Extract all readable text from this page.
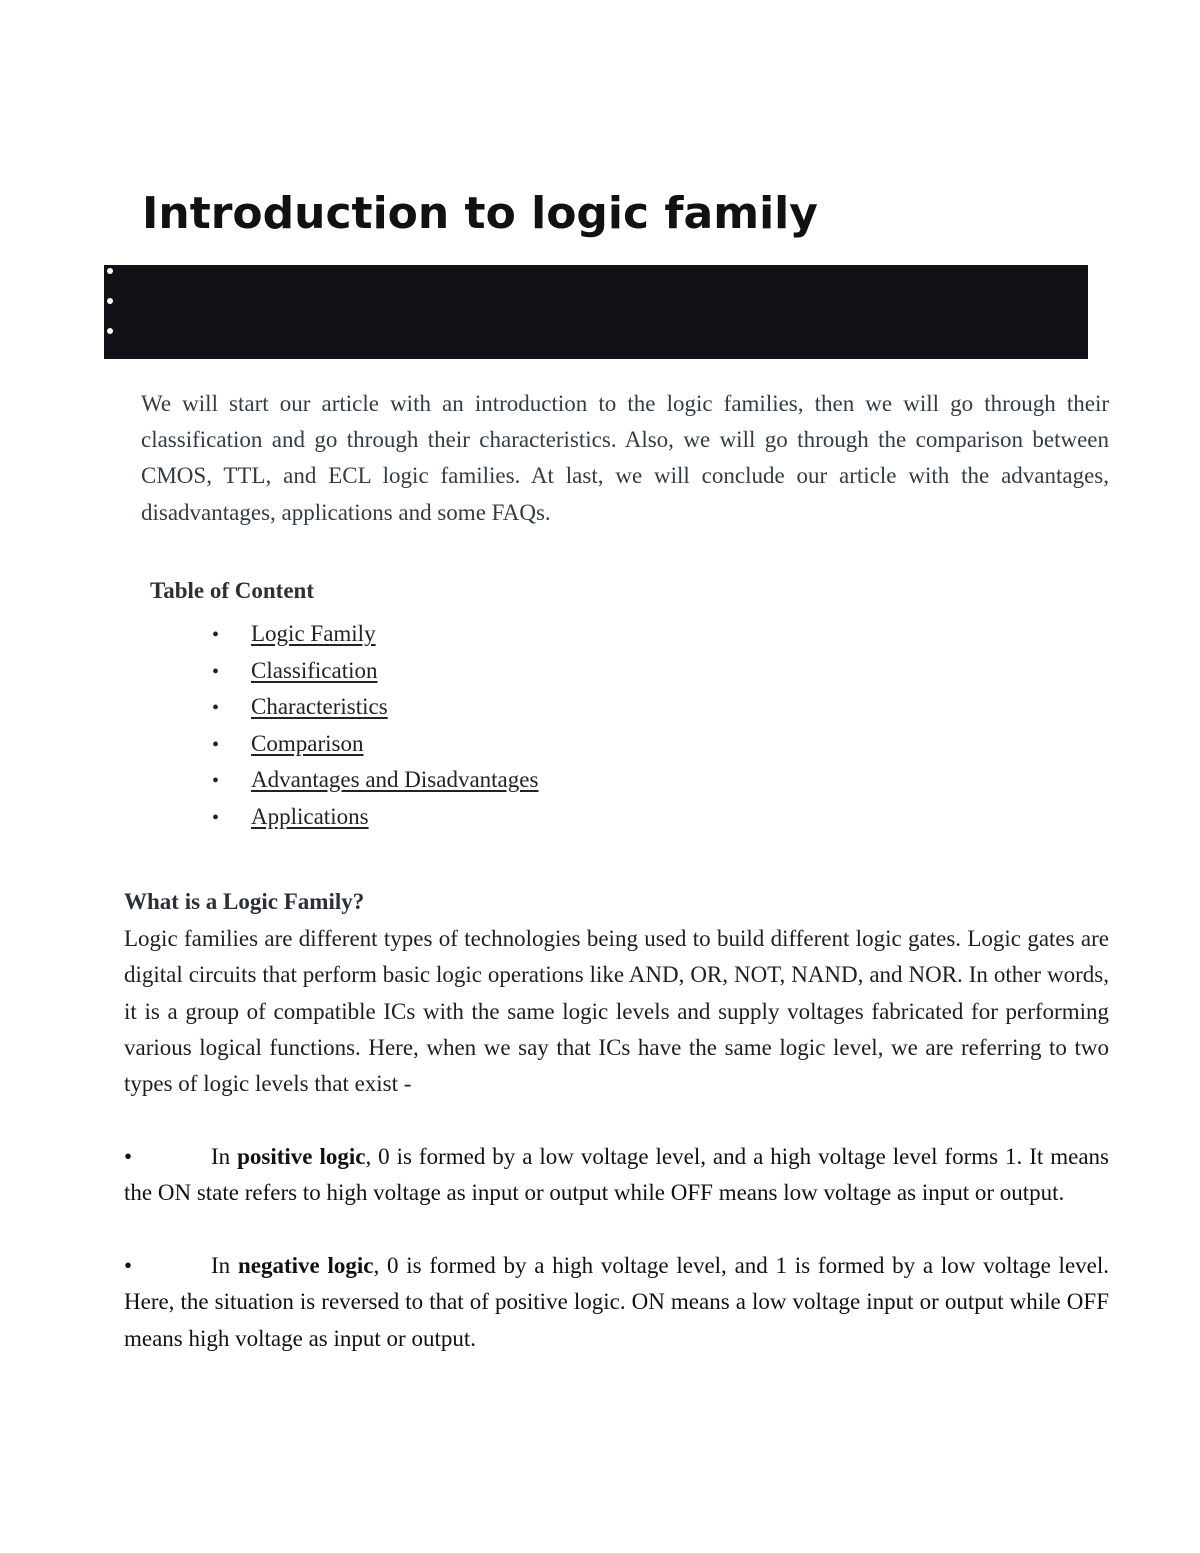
Introduction to logic family

We will start our article with an introduction to the logic families, then we will go through their classification and go through their characteristics. Also, we will go through the comparison between CMOS, TTL, and ECL logic families. At last, we will conclude our article with the advantages, disadvantages, applications and some FAQs.

Table of Content
• Logic Family
• Classification
• Characteristics
• Comparison
• Advantages and Disadvantages
• Applications
What is a Logic Family?

Logic families are different types of technologies being used to build different logic gates. Logic gates are digital circuits that perform basic logic operations like AND, OR, NOT, NAND, and NOR. In other words, it is a group of compatible ICs with the same logic levels and supply voltages fabricated for performing various logical functions. Here, when we say that ICs have the same logic level, we are referring to two types of logic levels that exist -

•	In positive logic, 0 is formed by a low voltage level, and a high voltage level forms 1. It means the ON state refers to high voltage as input or output while OFF means low voltage as input or output.

•	In negative logic, 0 is formed by a high voltage level, and 1 is formed by a low voltage level. Here, the situation is reversed to that of positive logic. ON means a low voltage input or output while OFF means high voltage as input or output.
